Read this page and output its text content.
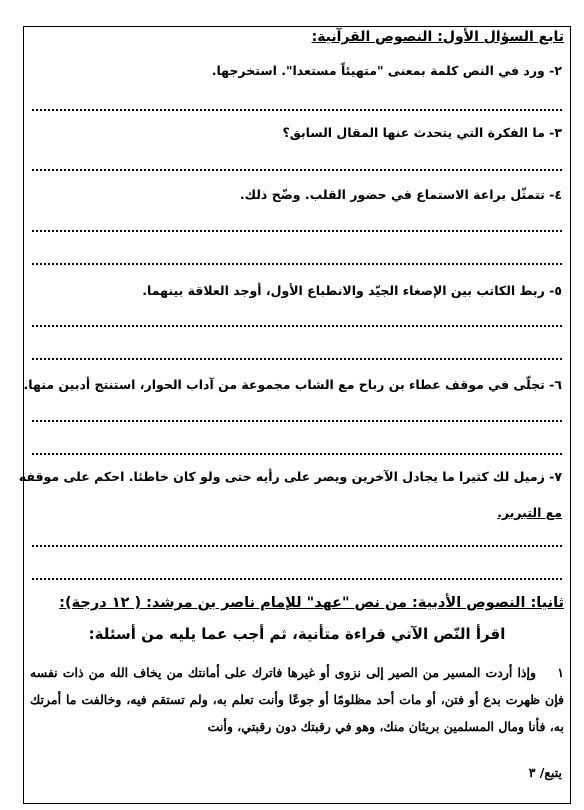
تابع السؤال الأول: النصوص القرآنية:
٢- ورد في النص كلمة بمعنى "متهيئاً مستعدا". استخرجها.
٣- ما الفكرة التي يتحدث عنها المقال السابق؟
٤- تتمثّل براعة الاستماع في حضور القلب. وضّح ذلك.
٥- ربط الكاتب بين الإصغاء الجيّد والانطباع الأول، أوجد العلاقة بينهما.
٦- تجلّى في موقف عطاء بن رباح مع الشاب مجموعة من آداب الحوار، استنتج أدبين منها.
٧- زميل لك كثيرا ما يجادل الآخرين ويصر على رأيه حتى ولو كان خاطئا. احكم على موقفه
مع التبرير.
ثانيا: النصوص الأدبية: من نص "عهد" للإمام ناصر بن مرشد: ( ١٢ درجة):
اقرأ النّص الآتي قراءة متأنية، ثم أجب عما يليه من أسئلة:
١وإذا أردت المسير من الصير إلى نزوى أو غيرها فاترك على أمانتك من يخاف الله من ذات نفسه فإن ظهرت بدع أو فتن، أو مات أحد مظلومًا أو جوعًا وأنت تعلم به، ولم تستقم فيه، وخالفت ما أمرتك به، فأنا ومال المسلمين بريئان منك، وهو في رقبتك دون رقبتي، وأنت
يتبع/ ٣
